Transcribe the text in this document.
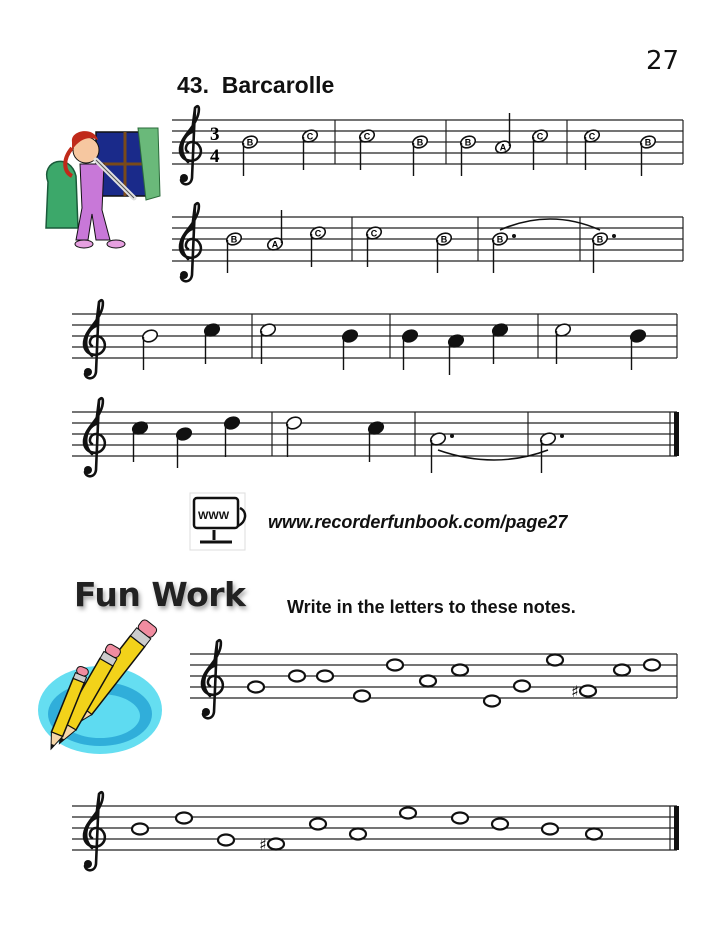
27
43. Barcarolle
3
4
B
C	C
B	B	A
C	C
B
B	A
C	C
B	B	B
♯
♯
WWW www.recorderfunbook.com/page27
Fun Work Write in the letters to these notes.
